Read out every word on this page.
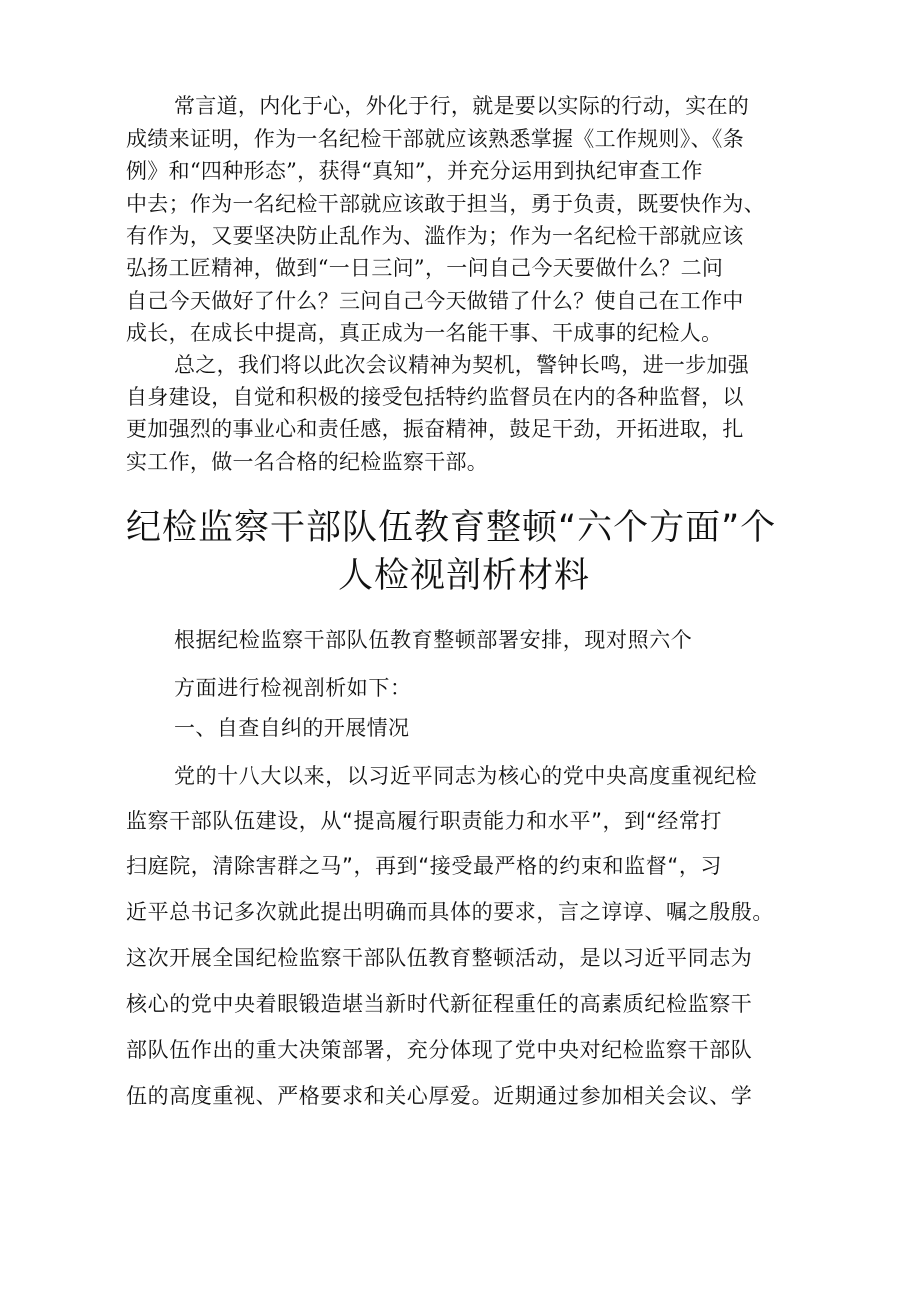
常言道，内化于心，外化于行，就是要以实际的行动，实在的

成绩来证明，作为一名纪检干部就应该熟悉掌握《工作规则》、《条

例》和“四种形态”，获得“真知”，并充分运用到执纪审查工作

中去；作为一名纪检干部就应该敢于担当，勇于负责，既要快作为、

有作为，又要坚决防止乱作为、滥作为；作为一名纪检干部就应该

弘扬工匠精神，做到“一日三问”，一问自己今天要做什么？二问

自己今天做好了什么？三问自己今天做错了什么？使自己在工作中

成长，在成长中提高，真正成为一名能干事、干成事的纪检人。

总之，我们将以此次会议精神为契机，警钟长鸣，进一步加强

自身建设，自觉和积极的接受包括特约监督员在内的各种监督，以

更加强烈的事业心和责任感，振奋精神，鼓足干劲，开拓进取，扎

实工作，做一名合格的纪检监察干部。

纪检监察干部队伍教育整顿“六个方面”个
人检视剖析材料

根据纪检监察干部队伍教育整顿部署安排，现对照六个

方面进行检视剖析如下：

一、自查自纠的开展情况

党的十八大以来，以习近平同志为核心的党中央高度重视纪检

监察干部队伍建设，从“提高履行职责能力和水平”，到“经常打

扫庭院，清除害群之马”，再到“接受最严格的约束和监督“，习

近平总书记多次就此提出明确而具体的要求，言之谆谆、嘱之殷殷。

这次开展全国纪检监察干部队伍教育整顿活动，是以习近平同志为

核心的党中央着眼锻造堪当新时代新征程重任的高素质纪检监察干

部队伍作出的重大决策部署，充分体现了党中央对纪检监察干部队

伍的高度重视、严格要求和关心厚爱。近期通过参加相关会议、学
